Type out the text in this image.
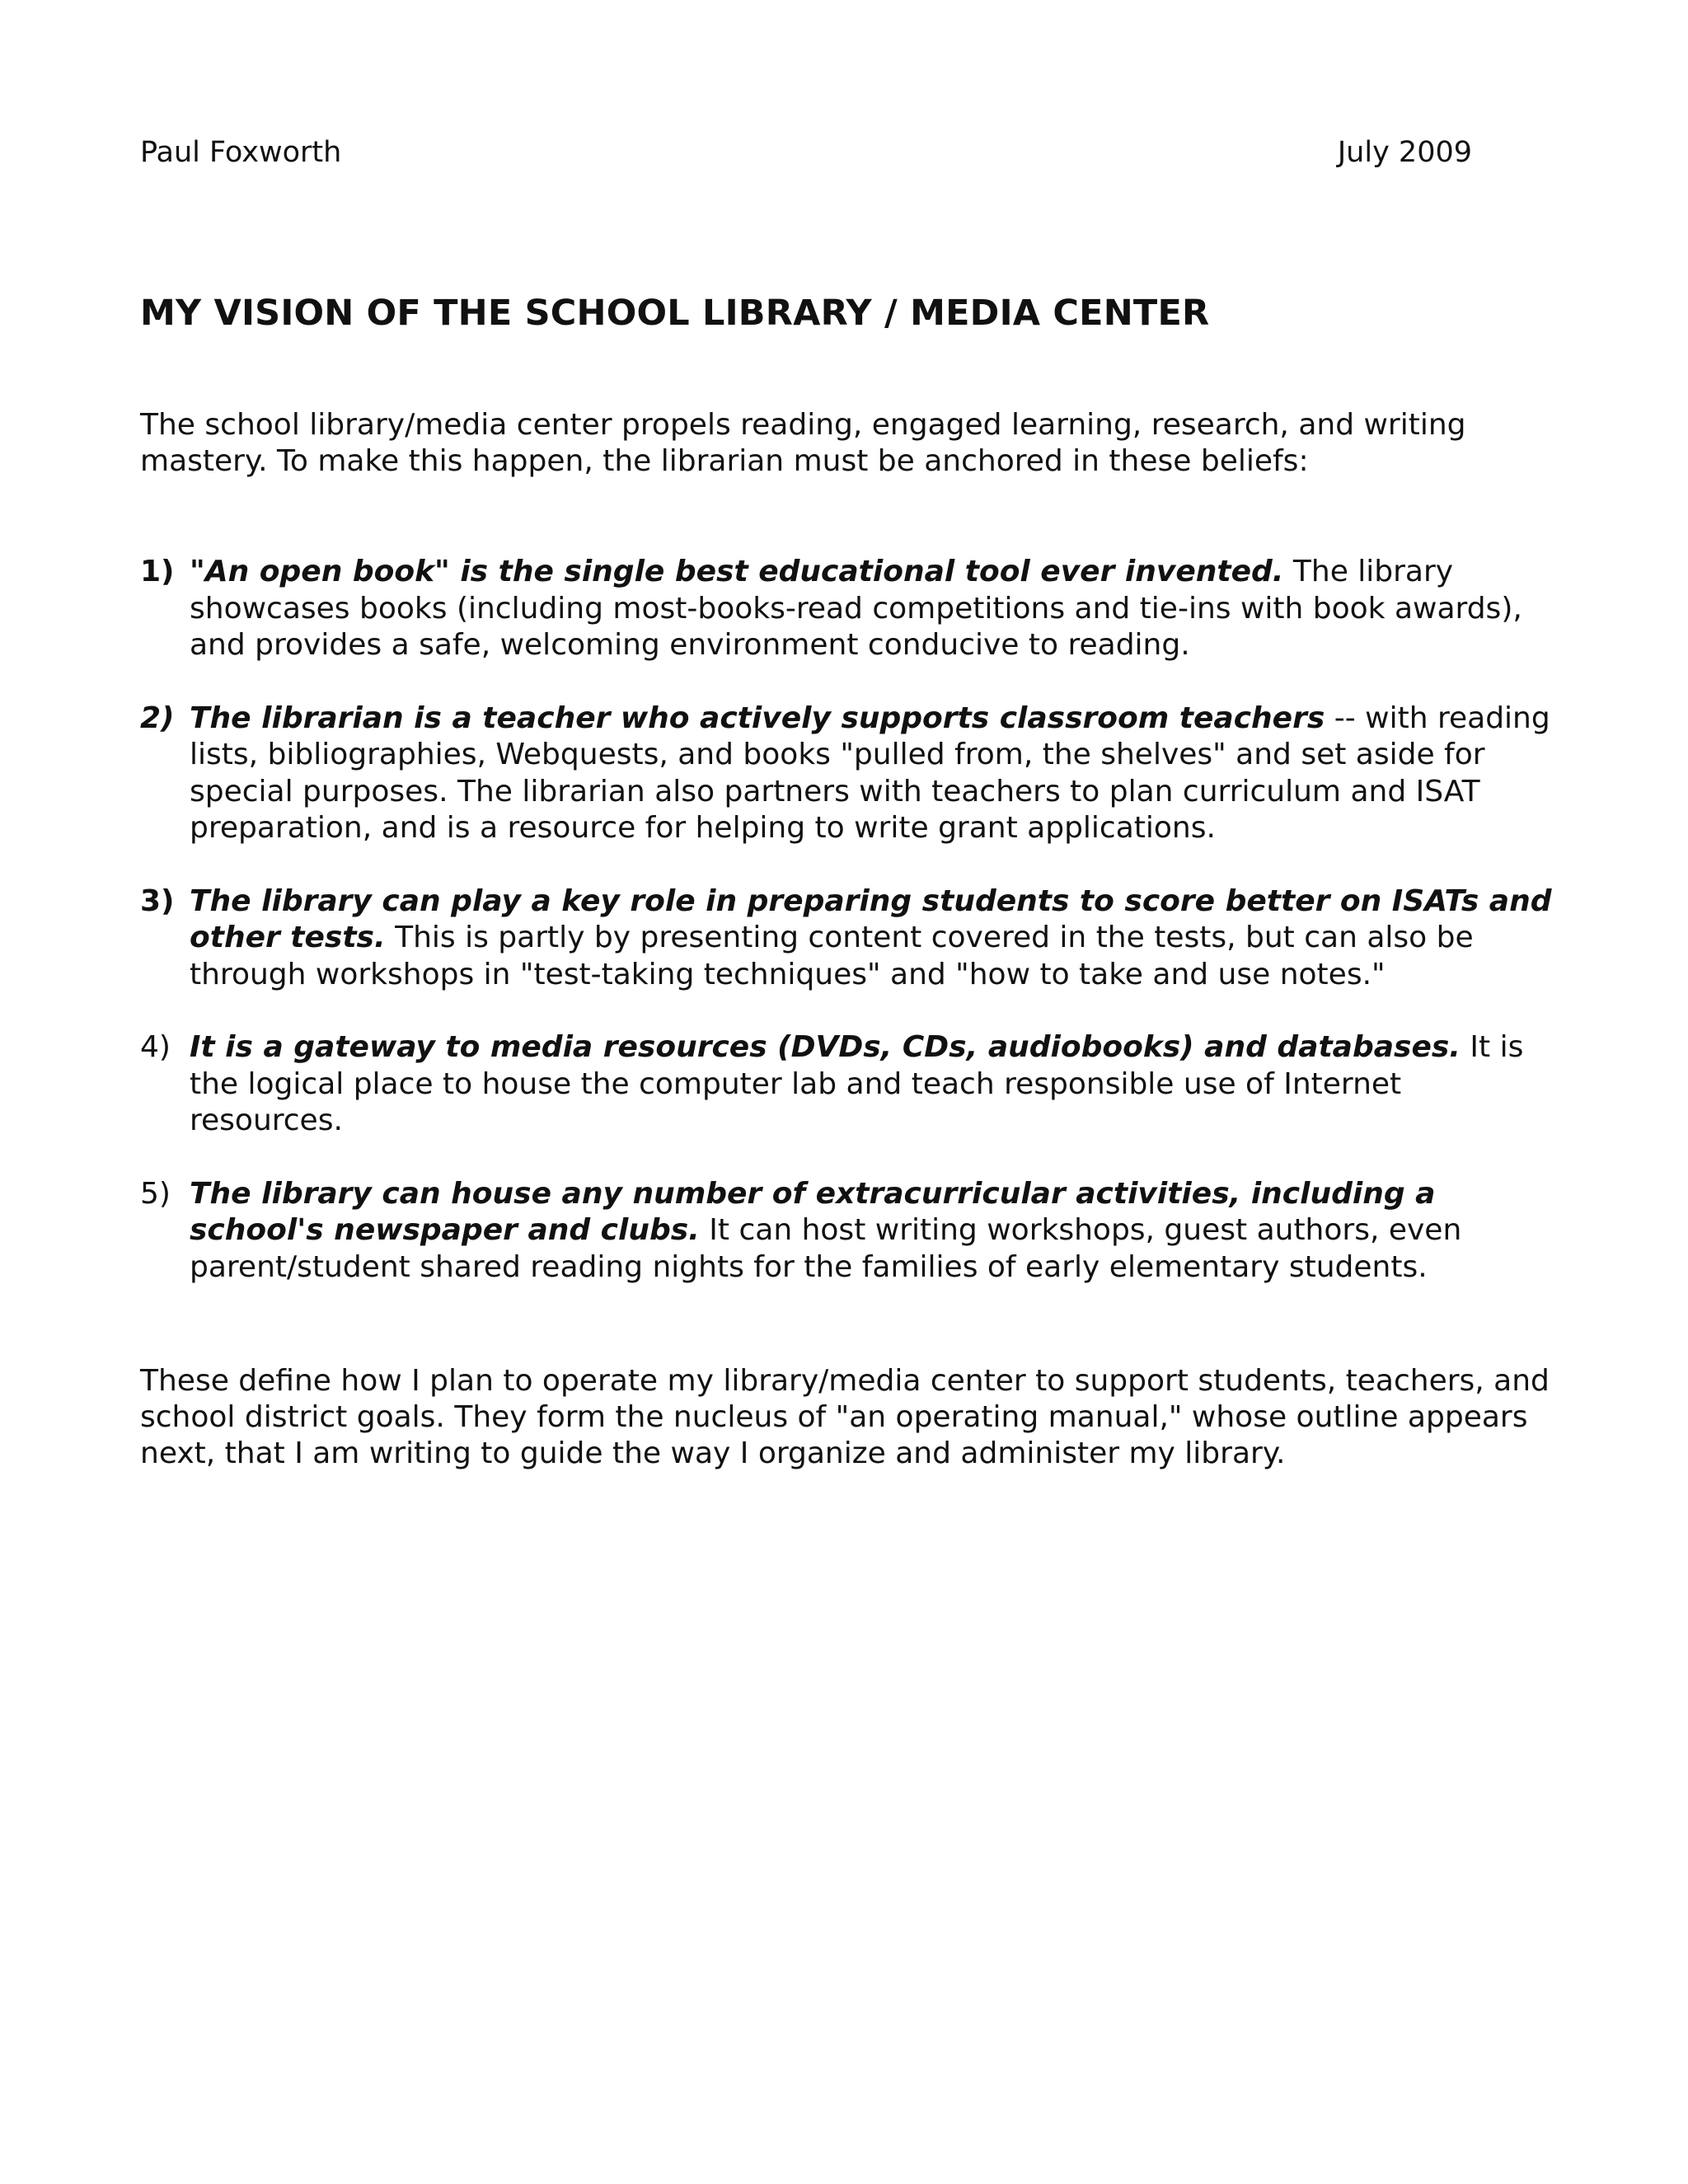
Paul Foxworth	July 2009
MY VISION OF THE SCHOOL LIBRARY / MEDIA CENTER

The school library/media center propels reading, engaged learning, research, and writing mastery. To make this happen, the librarian must be anchored in these beliefs:

1) "An open book" is the single best educational tool ever invented. The library showcases books (including most-books-read competitions and tie-ins with book awards), and provides a safe, welcoming environment conducive to reading.
2) The librarian is a teacher who actively supports classroom teachers -- with reading lists, bibliographies, Webquests, and books "pulled from, the shelves" and set aside for special purposes. The librarian also partners with teachers to plan curriculum and ISAT preparation, and is a resource for helping to write grant applications.
3) The library can play a key role in preparing students to score better on ISATs and other tests. This is partly by presenting content covered in the tests, but can also be through workshops in "test-taking techniques" and "how to take and use notes."
4) It is a gateway to media resources (DVDs, CDs, audiobooks) and databases. It is the logical place to house the computer lab and teach responsible use of Internet resources.
5) The library can house any number of extracurricular activities, including a school's newspaper and clubs. It can host writing workshops, guest authors, even parent/student shared reading nights for the families of early elementary students.

These define how I plan to operate my library/media center to support students, teachers, and school district goals. They form the nucleus of "an operating manual," whose outline appears next, that I am writing to guide the way I organize and administer my library.
